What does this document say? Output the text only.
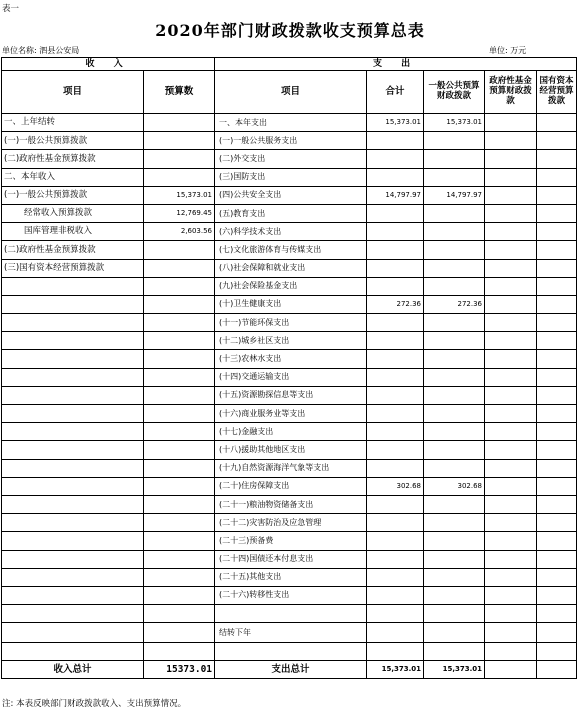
表一
2020年部门财政拨款收支预算总表
单位名称: 泗县公安局	单位: 万元
收 入		支 出				
项目	预算数	项目	合计	一般公共预算财政拨款	政府性基金预算财政拨款	国有资本经营预算拨款
一、上年结转		一、本年支出	15,373.01	15,373.01		
(一)一般公共预算拨款		(一)一般公共服务支出				
(二)政府性基金预算拨款		(二)外交支出				
二、本年收入		(三)国防支出				
(一)一般公共预算拨款	15,373.01	(四)公共安全支出	14,797.97	14,797.97		
经常收入预算拨款	12,769.45	(五)教育支出				
国库管理非税收入	2,603.56	(六)科学技术支出				
(二)政府性基金预算拨款		(七)文化旅游体育与传媒支出				
(三)国有资本经营预算拨款		(八)社会保障和就业支出				
		(九)社会保险基金支出				
		(十)卫生健康支出	272.36	272.36		
		(十一)节能环保支出				
		(十二)城乡社区支出				
		(十三)农林水支出				
		(十四)交通运输支出				
		(十五)资源勘探信息等支出				
		(十六)商业服务业等支出				
		(十七)金融支出				
		(十八)援助其他地区支出				
		(十九)自然资源海洋气象等支出				
		(二十)住房保障支出	302.68	302.68		
		(二十一)粮油物资储备支出				
		(二十二)灾害防治及应急管理				
		(二十三)预备费				
		(二十四)国债还本付息支出				
		(二十五)其他支出				
		(二十六)转移性支出				

		结转下年				

收入总计	15373.01	支出总计	15,373.01	15,373.01		
注: 本表反映部门财政拨款收入、支出预算情况。
